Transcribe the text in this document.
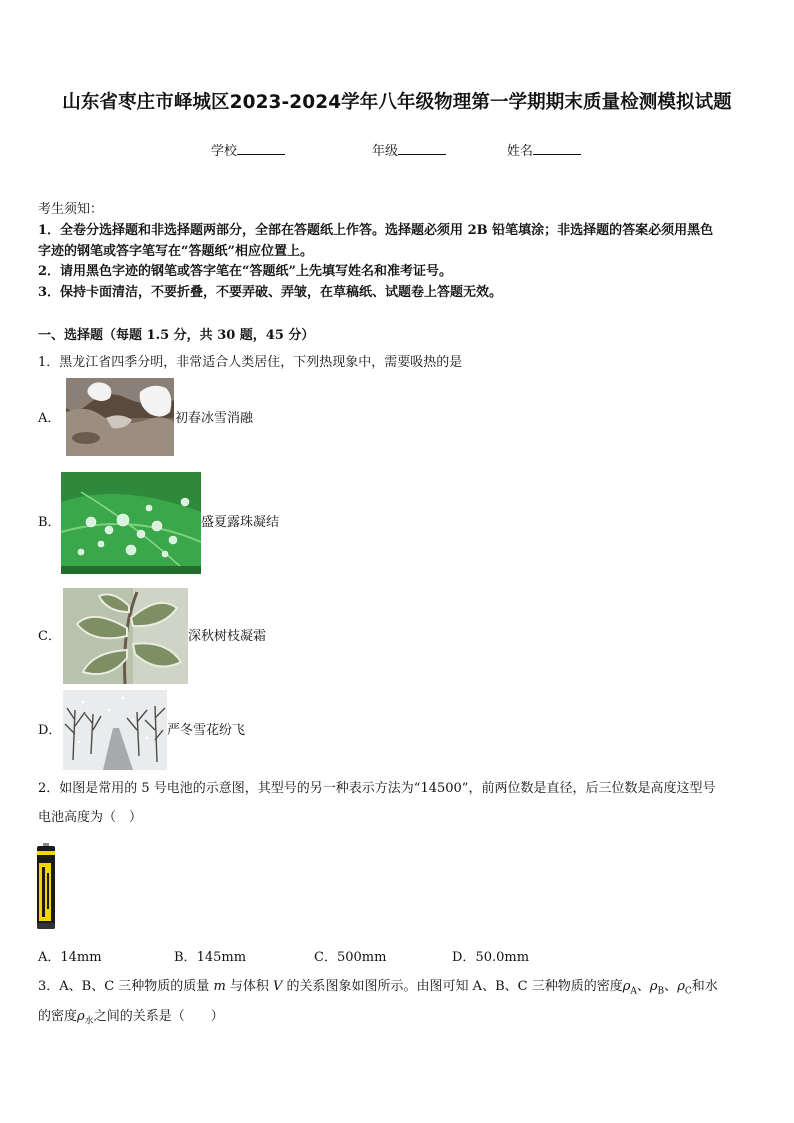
山东省枣庄市峄城区2023-2024学年八年级物理第一学期期末质量检测模拟试题
学校	年级	姓名
考生须知：
1．全卷分选择题和非选择题两部分，全部在答题纸上作答。选择题必须用 2B 铅笔填涂；非选择题的答案必须用黑色
字迹的钢笔或答字笔写在“答题纸”相应位置上。
2．请用黑色字迹的钢笔或答字笔在“答题纸”上先填写姓名和准考证号。
3．保持卡面清洁，不要折叠，不要弄破、弄皱，在草稿纸、试题卷上答题无效。
一、选择题（每题 1.5 分，共 30 题，45 分）
1．黑龙江省四季分明，非常适合人类居住，下列热现象中，需要吸热的是
A．	初春冰雪消融
B．	盛夏露珠凝结
C．	深秋树枝凝霜
D．	严冬雪花纷飞
2．如图是常用的 5 号电池的示意图，其型号的另一种表示方法为“14500”，前两位数是直径，后三位数是高度这型号
电池高度为（　）
A．14mm	B．145mm	C．500mm	D．50.0mm
3．A、B、C 三种物质的质量 m 与体积 V 的关系图象如图所示。由图可知 A、B、C 三种物质的密度$\rho_A$、$\rho_B$、$\rho_C$和水
的密度$\rho_水$之间的关系是（　　）
